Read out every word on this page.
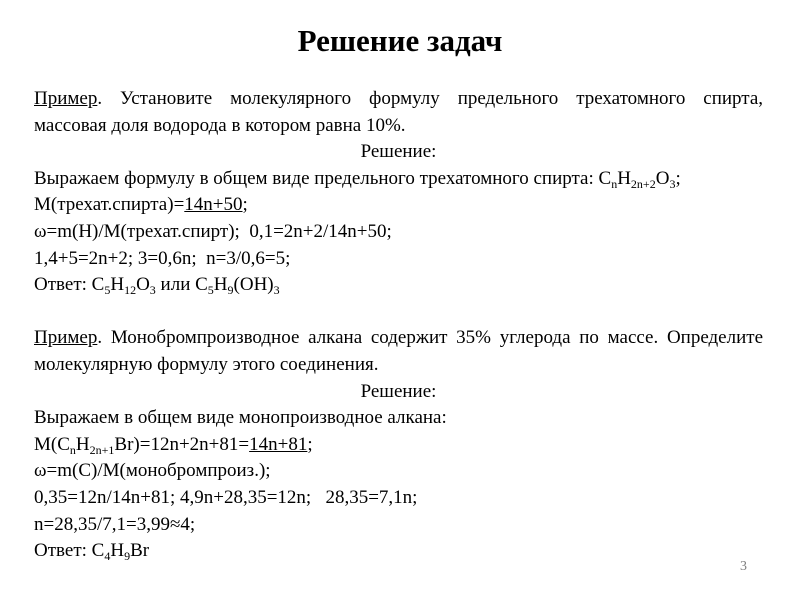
Решение задач
Пример. Установите молекулярного формулу предельного трехатомного спирта,
массовая доля водорода в котором равна 10%.
Решение:
Выражаем формулу в общем виде предельного трехатомного спирта: $C_nH_{2n+2}O_3$;
М(трехат.спирта)=14n+50;
ω=m(H)/М(трехат.спирт);  0,1=2n+2/14n+50;
1,4+5=2n+2; 3=0,6n;  n=3/0,6=5;
Ответ: $C_5H_{12}O_3$ или $C_5H_9(OH)_3$
Пример. Монобромпроизводное алкана содержит 35% углерода по массе. Определите
молекулярную формулу этого соединения.
Решение:
Выражаем в общем виде монопроизводное алкана:
$М(C_nH_{2n+1}Br)=12n+2n+81=14n+81$;
ω=m(C)/М(монобромпроиз.);
0,35=12n/14n+81; 4,9n+28,35=12n;   28,35=7,1n;
n=28,35/7,1=3,99≈4;
Ответ: $C_4H_9Br$
3
